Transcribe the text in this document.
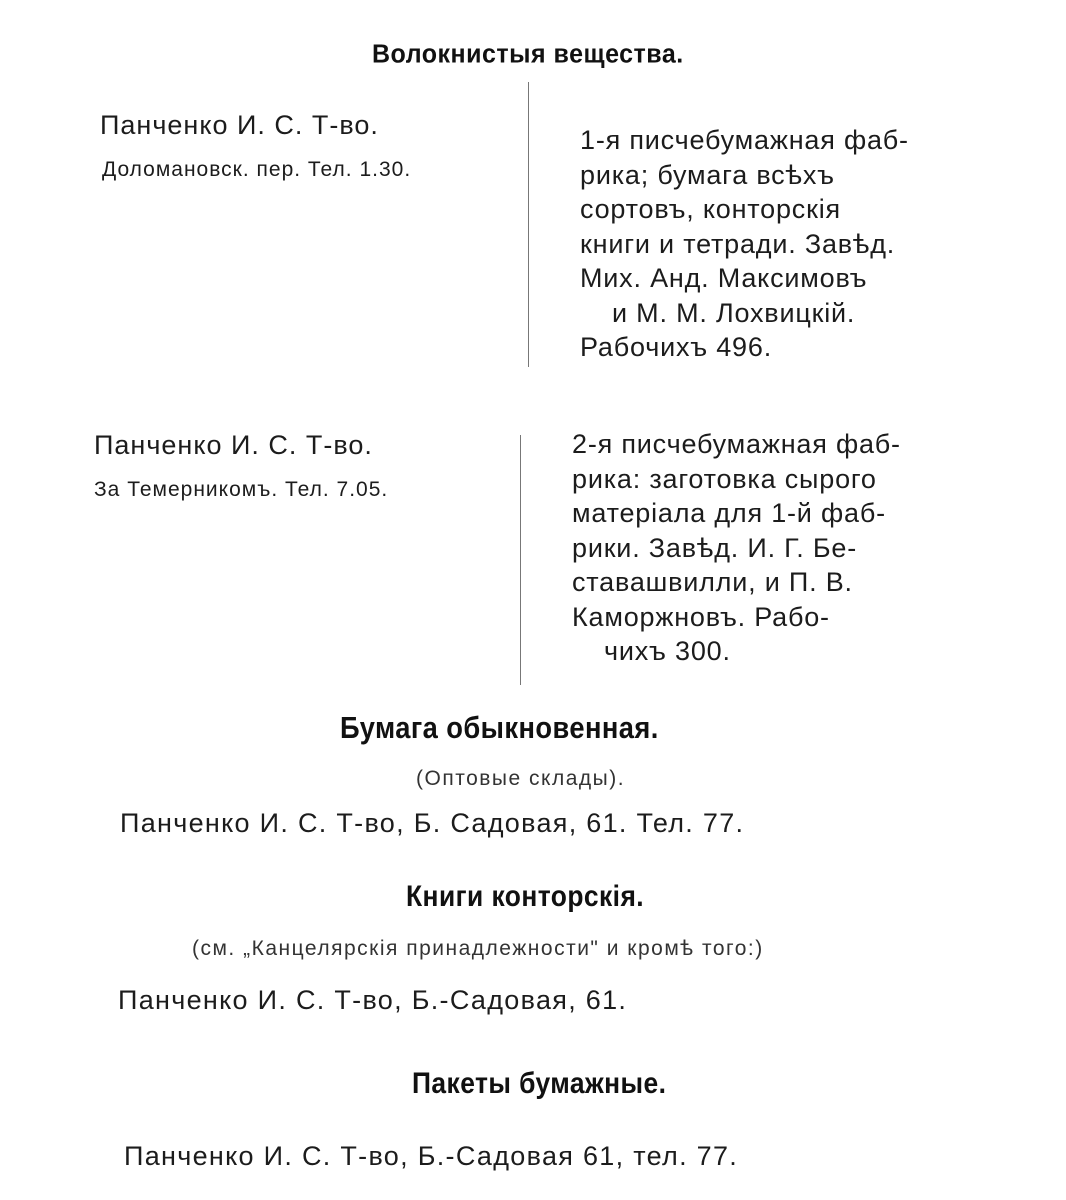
Волокнистыя вещества.
Панченко И. С. Т-во.
Доломановск. пер. Тел. 1.30.
1-я писчебумажная фаб-
рика; бумага всѣхъ
сортовъ, конторскія
книги и тетради. Завѣд.
Мих. Анд. Максимовъ
и М. М. Лохвицкій.
Рабочихъ 496.
Панченко И. С. Т-во.
За Темерникомъ. Тел. 7.05.
2-я писчебумажная фаб-
рика: заготовка сырого
матеріала для 1-й фаб-
рики. Завѣд. И. Г. Бе-
ставашвилли, и П. В.
Каморжновъ. Рабо-
чихъ 300.
Бумага обыкновенная.
(Оптовые склады).
Панченко И. С. Т-во, Б. Садовая, 61. Тел. 77.
Книги конторскія.
(см. „Канцелярскія принадлежности" и кромѣ того:)
Панченко И. С. Т-во, Б.-Садовая, 61.
Пакеты бумажные.
Панченко И. С. Т-во, Б.-Садовая 61, тел. 77.
